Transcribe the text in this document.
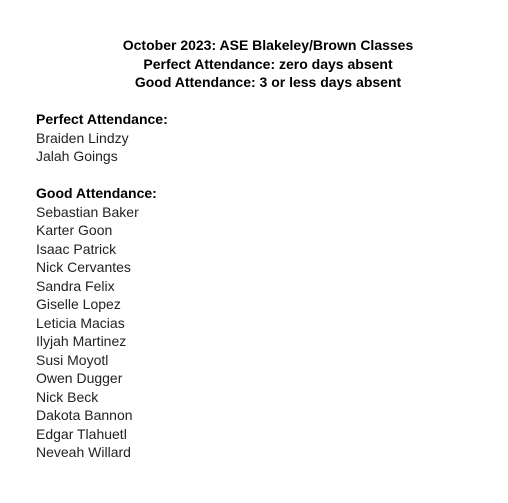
October 2023: ASE Blakeley/Brown Classes
Perfect Attendance: zero days absent
Good Attendance: 3 or less days absent
Perfect Attendance:
Braiden Lindzy
Jalah Goings
Good Attendance:
Sebastian Baker
Karter Goon
Isaac Patrick
Nick Cervantes
Sandra Felix
Giselle Lopez
Leticia Macias
Ilyjah Martinez
Susi Moyotl
Owen Dugger
Nick Beck
Dakota Bannon
Edgar Tlahuetl
Neveah Willard
